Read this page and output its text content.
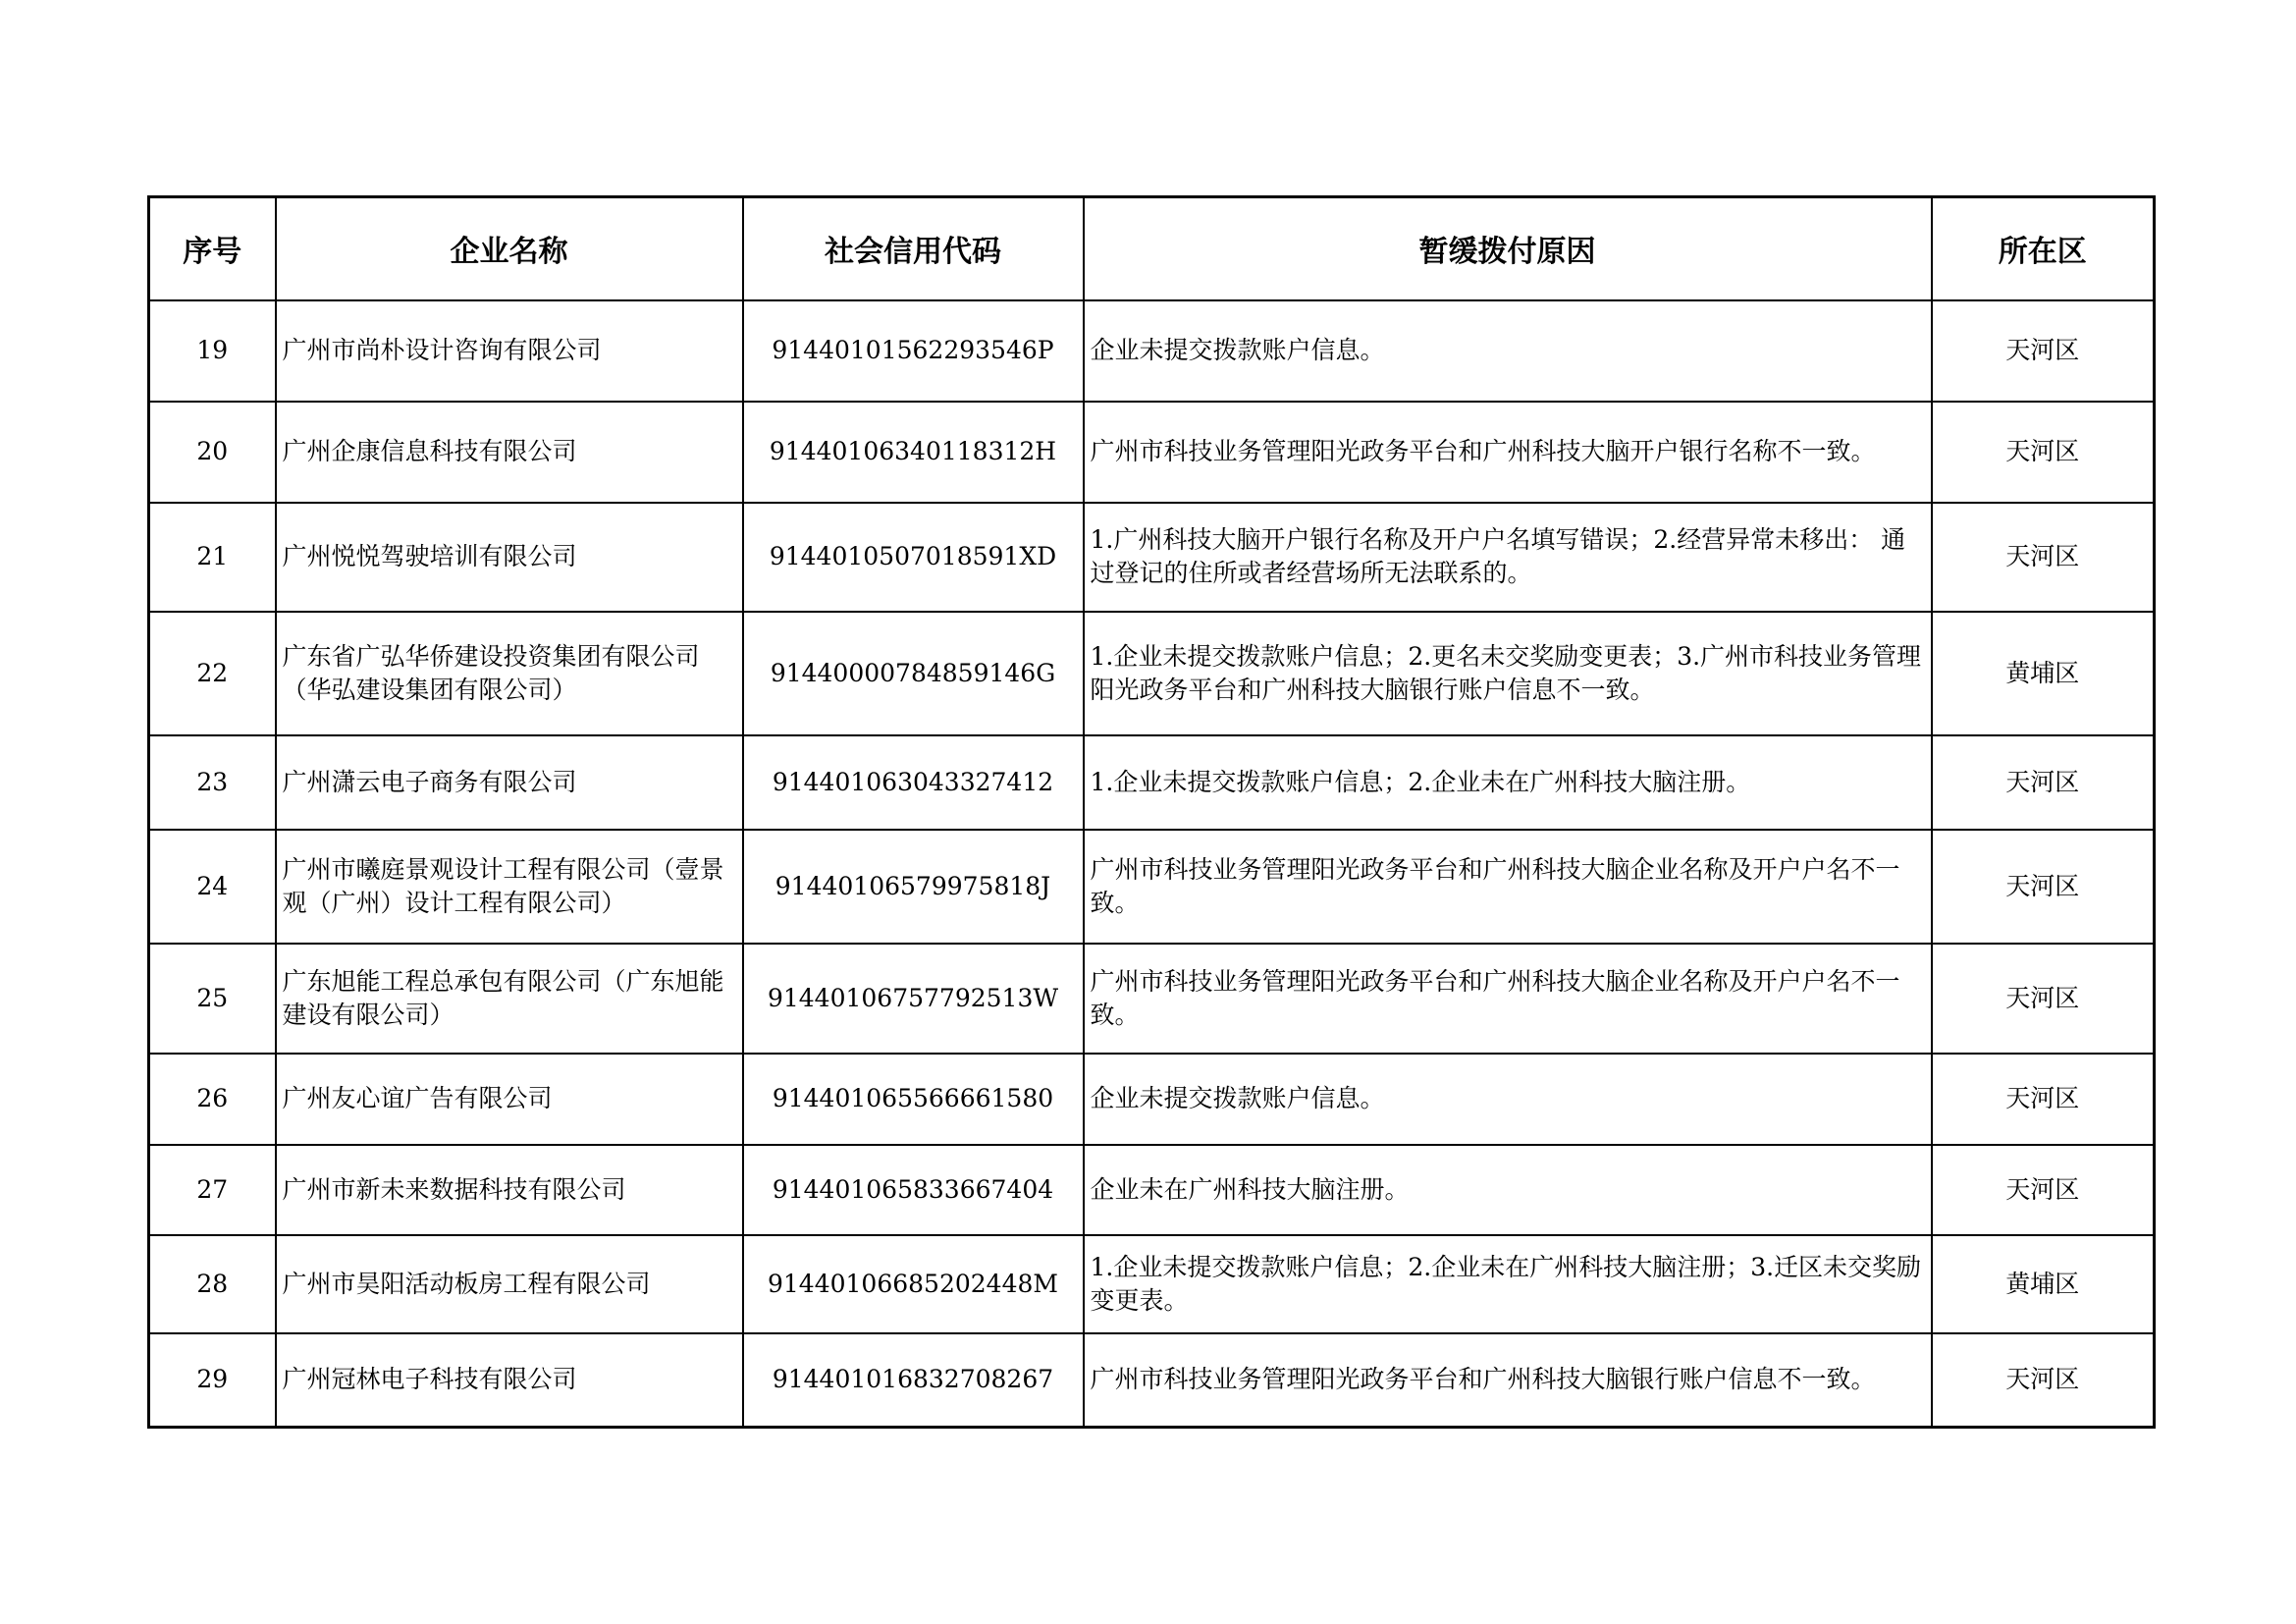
序号	企业名称	社会信用代码	暂缓拨付原因	所在区
19	广州市尚朴设计咨询有限公司	91440101562293546P	企业未提交拨款账户信息。	天河区
20	广州企康信息科技有限公司	91440106340118312H	广州市科技业务管理阳光政务平台和广州科技大脑开户银行名称不一致。	天河区
21	广州悦悦驾驶培训有限公司	9144010507018591XD	1.广州科技大脑开户银行名称及开户户名填写错误；2.经营异常未移出： 通过登记的住所或者经营场所无法联系的。	天河区
22	广东省广弘华侨建设投资集团有限公司（华弘建设集团有限公司）	91440000784859146G	1.企业未提交拨款账户信息；2.更名未交奖励变更表；3.广州市科技业务管理阳光政务平台和广州科技大脑银行账户信息不一致。	黄埔区
23	广州潇云电子商务有限公司	914401063043327412	1.企业未提交拨款账户信息；2.企业未在广州科技大脑注册。	天河区
24	广州市曦庭景观设计工程有限公司（壹景观（广州）设计工程有限公司）	91440106579975818J	广州市科技业务管理阳光政务平台和广州科技大脑企业名称及开户户名不一致。	天河区
25	广东旭能工程总承包有限公司（广东旭能建设有限公司）	91440106757792513W	广州市科技业务管理阳光政务平台和广州科技大脑企业名称及开户户名不一致。	天河区
26	广州友心谊广告有限公司	914401065566661580	企业未提交拨款账户信息。	天河区
27	广州市新未来数据科技有限公司	914401065833667404	企业未在广州科技大脑注册。	天河区
28	广州市昊阳活动板房工程有限公司	91440106685202448M	1.企业未提交拨款账户信息；2.企业未在广州科技大脑注册；3.迁区未交奖励变更表。	黄埔区
29	广州冠林电子科技有限公司	914401016832708267	广州市科技业务管理阳光政务平台和广州科技大脑银行账户信息不一致。	天河区
